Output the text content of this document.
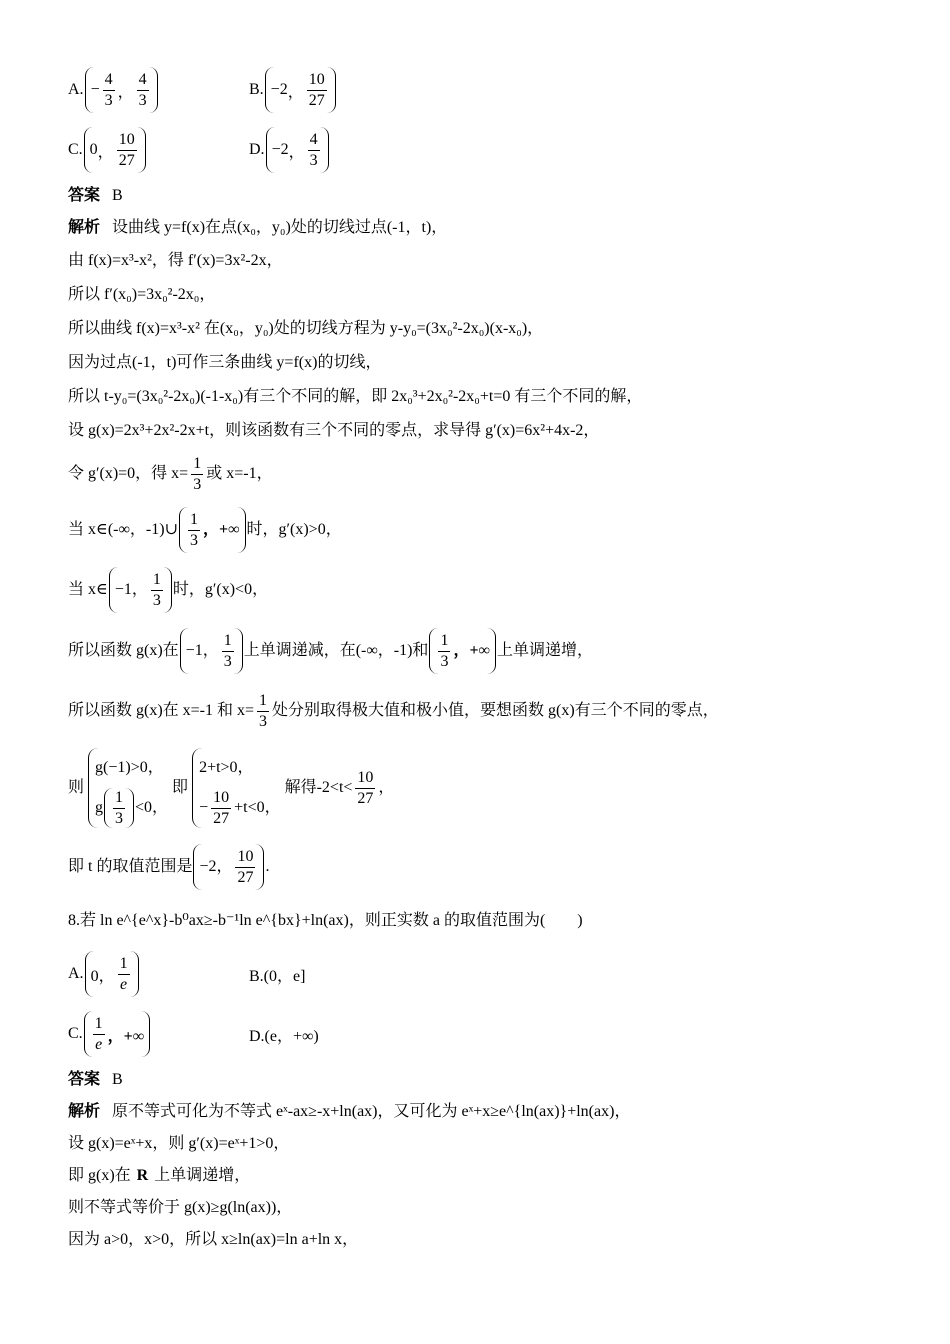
A. − $\frac{4}{3}$ ， $\frac{4}{3}$	B. −2 ， $\frac{10}{27}$
C. 0 ， $\frac{10}{27}$	D. −2 ， $\frac{4}{3}$
答案 B
解析 设曲线 y=f(x)在点(x₀，y₀)处的切线过点(-1，t)，
由 f(x)=x³-x²，得 f′(x)=3x²-2x，
所以 f′(x₀)=3x₀²-2x₀，
所以曲线 f(x)=x³-x² 在(x₀，y₀)处的切线方程为 y-y₀=(3x₀²-2x₀)(x-x₀)，
因为过点(-1，t)可作三条曲线 y=f(x)的切线，
所以 t-y₀=(3x₀²-2x₀)(-1-x₀)有三个不同的解，即 2x₀³+2x₀²-2x₀+t=0 有三个不同的解，
设 g(x)=2x³+2x²-2x+t，则该函数有三个不同的零点，求导得 g′(x)=6x²+4x-2，
令 g′(x)=0，得 $x= \frac{1}{3}$ 或 x=-1，
当 x∈(-∞，-1)∪ $\frac{1}{3}$ ，+∞ 时，g′(x)>0，
当 x∈ −1， $\frac{1}{3}$ 时，g′(x)<0，
所以函数 g(x)在 −1， $\frac{1}{3}$ 上单调递减，在(-∞，-1)和 $\frac{1}{3}$ ，+∞ 上单调递增，
所以函数 g(x)在 x=-1 和 $x= \frac{1}{3}$ 处分别取得极大值和极小值，要想函数 g(x)有三个不同的零点，
则
g(−1)>0，
g $\frac{1}{3} <0$，
即
2+t>0，
− $\frac{10}{27} +t<0$，
解得$-2<t< \frac{10}{27}$ ，
即 t 的取值范围是 −2， $\frac{10}{27}$ .
8.若 ln e^{e^x}-b⁰ax≥-b⁻¹ln e^{bx}+ln(ax)，则正实数 a 的取值范围为(　　)
A. 0， $\frac{1}{e}$	B.(0，e]
C. $\frac{1}{e}$ ，+∞	D.(e，+∞)
答案 B
解析 原不等式可化为不等式 eˣ-ax≥-x+ln(ax)，又可化为 eˣ+x≥e^{ln(ax)}+ln(ax)，
设 g(x)=eˣ+x，则 g′(x)=eˣ+1>0，
即 g(x)在 R 上单调递增，
则不等式等价于 g(x)≥g(ln(ax))，
因为 a>0，x>0，所以 x≥ln(ax)=ln a+ln x，
